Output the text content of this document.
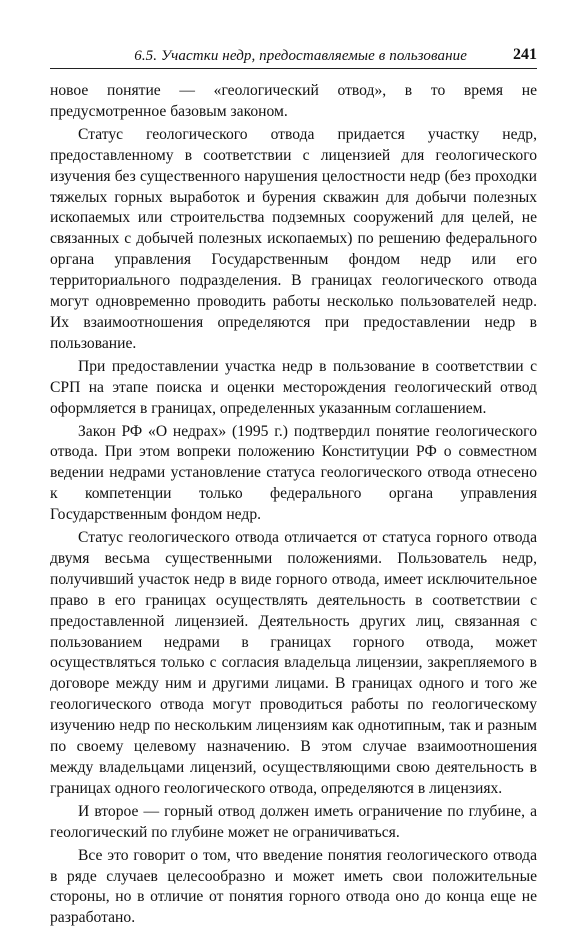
6.5. Участки недр, предоставляемые в пользование	241

новое понятие — «геологический отвод», в то время не предусмотренное базовым законом.

Статус геологического отвода придается участку недр, предоставленному в соответствии с лицензией для геологического изучения без существенного нарушения целостности недр (без проходки тяжелых горных выработок и бурения скважин для добычи полезных ископаемых или строительства подземных сооружений для целей, не связанных с добычей полезных ископаемых) по решению федерального органа управления Государственным фондом недр или его территориального подразделения. В границах геологического отвода могут одновременно проводить работы несколько пользователей недр. Их взаимоотношения определяются при предоставлении недр в пользование.

При предоставлении участка недр в пользование в соответствии с СРП на этапе поиска и оценки месторождения геологический отвод оформляется в границах, определенных указанным соглашением.

Закон РФ «О недрах» (1995 г.) подтвердил понятие геологического отвода. При этом вопреки положению Конституции РФ о совместном ведении недрами установление статуса геологического отвода отнесено к компетенции только федерального органа управления Государственным фондом недр.

Статус геологического отвода отличается от статуса горного отвода двумя весьма существенными положениями. Пользователь недр, получивший участок недр в виде горного отвода, имеет исключительное право в его границах осуществлять деятельность в соответствии с предоставленной лицензией. Деятельность других лиц, связанная с пользованием недрами в границах горного отвода, может осуществляться только с согласия владельца лицензии, закрепляемого в договоре между ним и другими лицами. В границах одного и того же геологического отвода могут проводиться работы по геологическому изучению недр по нескольким лицензиям как однотипным, так и разным по своему целевому назначению. В этом случае взаимоотношения между владельцами лицензий, осуществляющими свою деятельность в границах одного геологического отвода, определяются в лицензиях.

И второе — горный отвод должен иметь ограничение по глубине, а геологический по глубине может не ограничиваться.

Все это говорит о том, что введение понятия геологического отвода в ряде случаев целесообразно и может иметь свои положительные стороны, но в отличие от понятия горного отвода оно до конца еще не разработано.
